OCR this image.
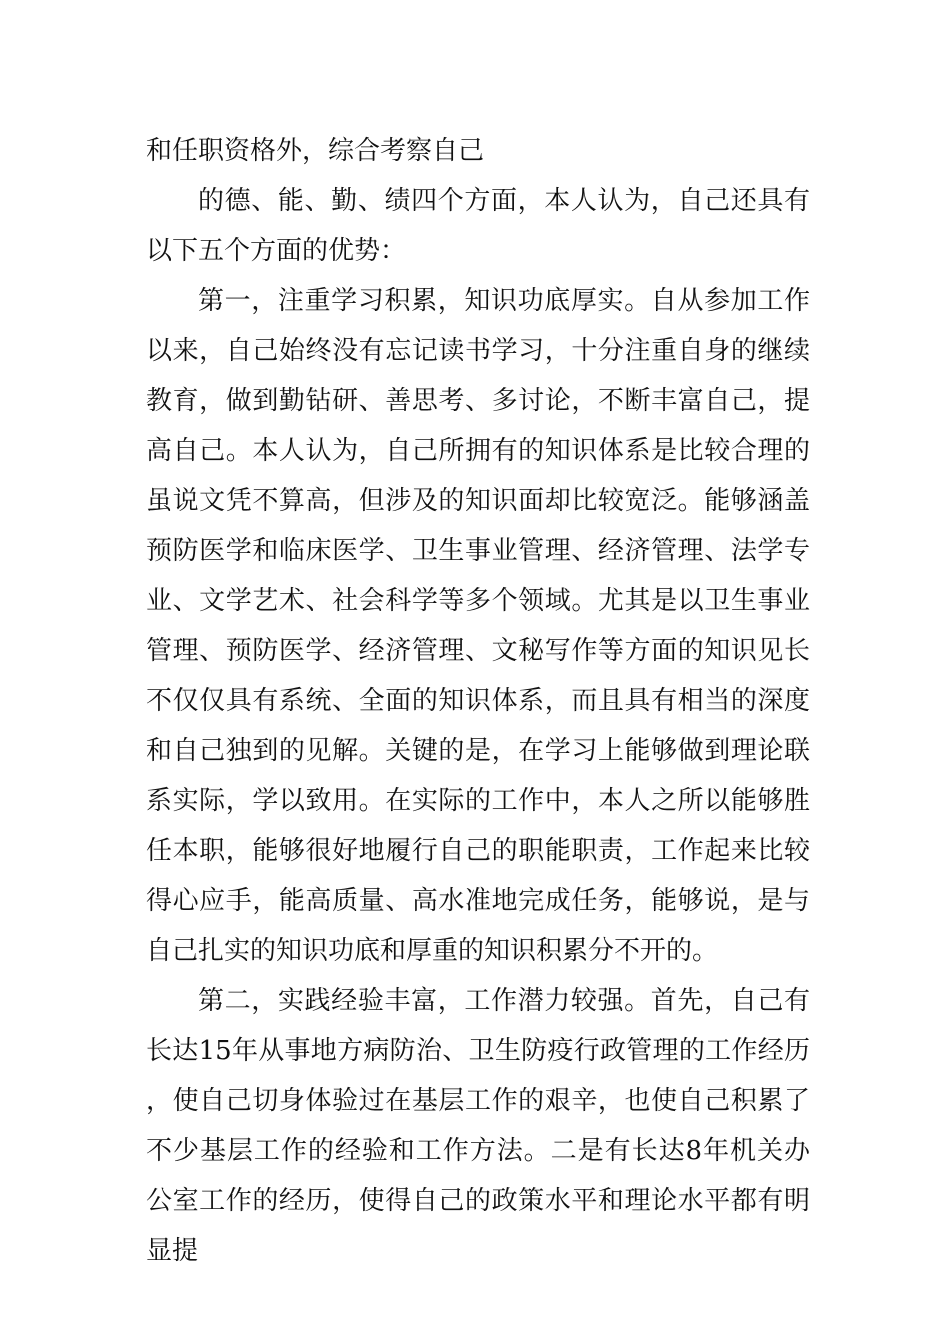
和任职资格外，综合考察自己

的德、能、勤、绩四个方面，本人认为，自己还具有以下五个方面的优势：

第一，注重学习积累，知识功底厚实。自从参加工作以来，自己始终没有忘记读书学习，十分注重自身的继续教育，做到勤钻研、善思考、多讨论，不断丰富自己，提高自己。本人认为，自己所拥有的知识体系是比较合理的虽说文凭不算高，但涉及的知识面却比较宽泛。能够涵盖预防医学和临床医学、卫生事业管理、经济管理、法学专业、文学艺术、社会科学等多个领域。尤其是以卫生事业管理、预防医学、经济管理、文秘写作等方面的知识见长不仅仅具有系统、全面的知识体系，而且具有相当的深度和自己独到的见解。关键的是，在学习上能够做到理论联系实际，学以致用。在实际的工作中，本人之所以能够胜任本职，能够很好地履行自己的职能职责，工作起来比较得心应手，能高质量、高水准地完成任务，能够说，是与自己扎实的知识功底和厚重的知识积累分不开的。

第二，实践经验丰富，工作潜力较强。首先，自己有长达15年从事地方病防治、卫生防疫行政管理的工作经历，使自己切身体验过在基层工作的艰辛，也使自己积累了不少基层工作的经验和工作方法。二是有长达8年机关办公室工作的经历，使得自己的政策水平和理论水平都有明显提
